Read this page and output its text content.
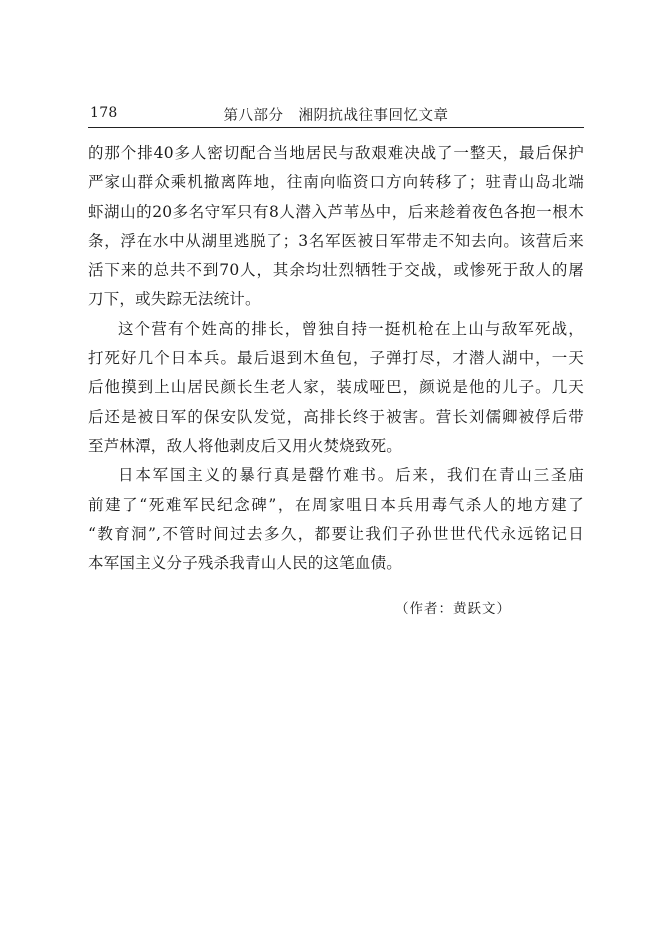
178	第八部分　湘阴抗战往事回忆文章
的那个排40多人密切配合当地居民与敌艰难决战了一整天，最后保护
严家山群众乘机撤离阵地，往南向临资口方向转移了；驻青山岛北端
虾湖山的20多名守军只有8人潜入芦苇丛中，后来趁着夜色各抱一根木
条，浮在水中从湖里逃脱了；3名军医被日军带走不知去向。该营后来
活下来的总共不到70人，其余均壮烈牺牲于交战，或惨死于敌人的屠
刀下，或失踪无法统计。
这个营有个姓高的排长，曾独自持一挺机枪在上山与敌军死战，
打死好几个日本兵。最后退到木鱼包，子弹打尽，才潜人湖中，一天
后他摸到上山居民颜长生老人家，装成哑巴，颜说是他的儿子。几天
后还是被日军的保安队发觉，高排长终于被害。营长刘儒卿被俘后带
至芦林潭，敌人将他剥皮后又用火焚烧致死。
日本军国主义的暴行真是罄竹难书。后来，我们在青山三圣庙
前建了“死难军民纪念碑”，在周家咀日本兵用毒气杀人的地方建了
“教育洞”,不管时间过去多久，都要让我们子孙世世代代永远铭记日
本军国主义分子残杀我青山人民的这笔血债。
（作者：黄跃文）
